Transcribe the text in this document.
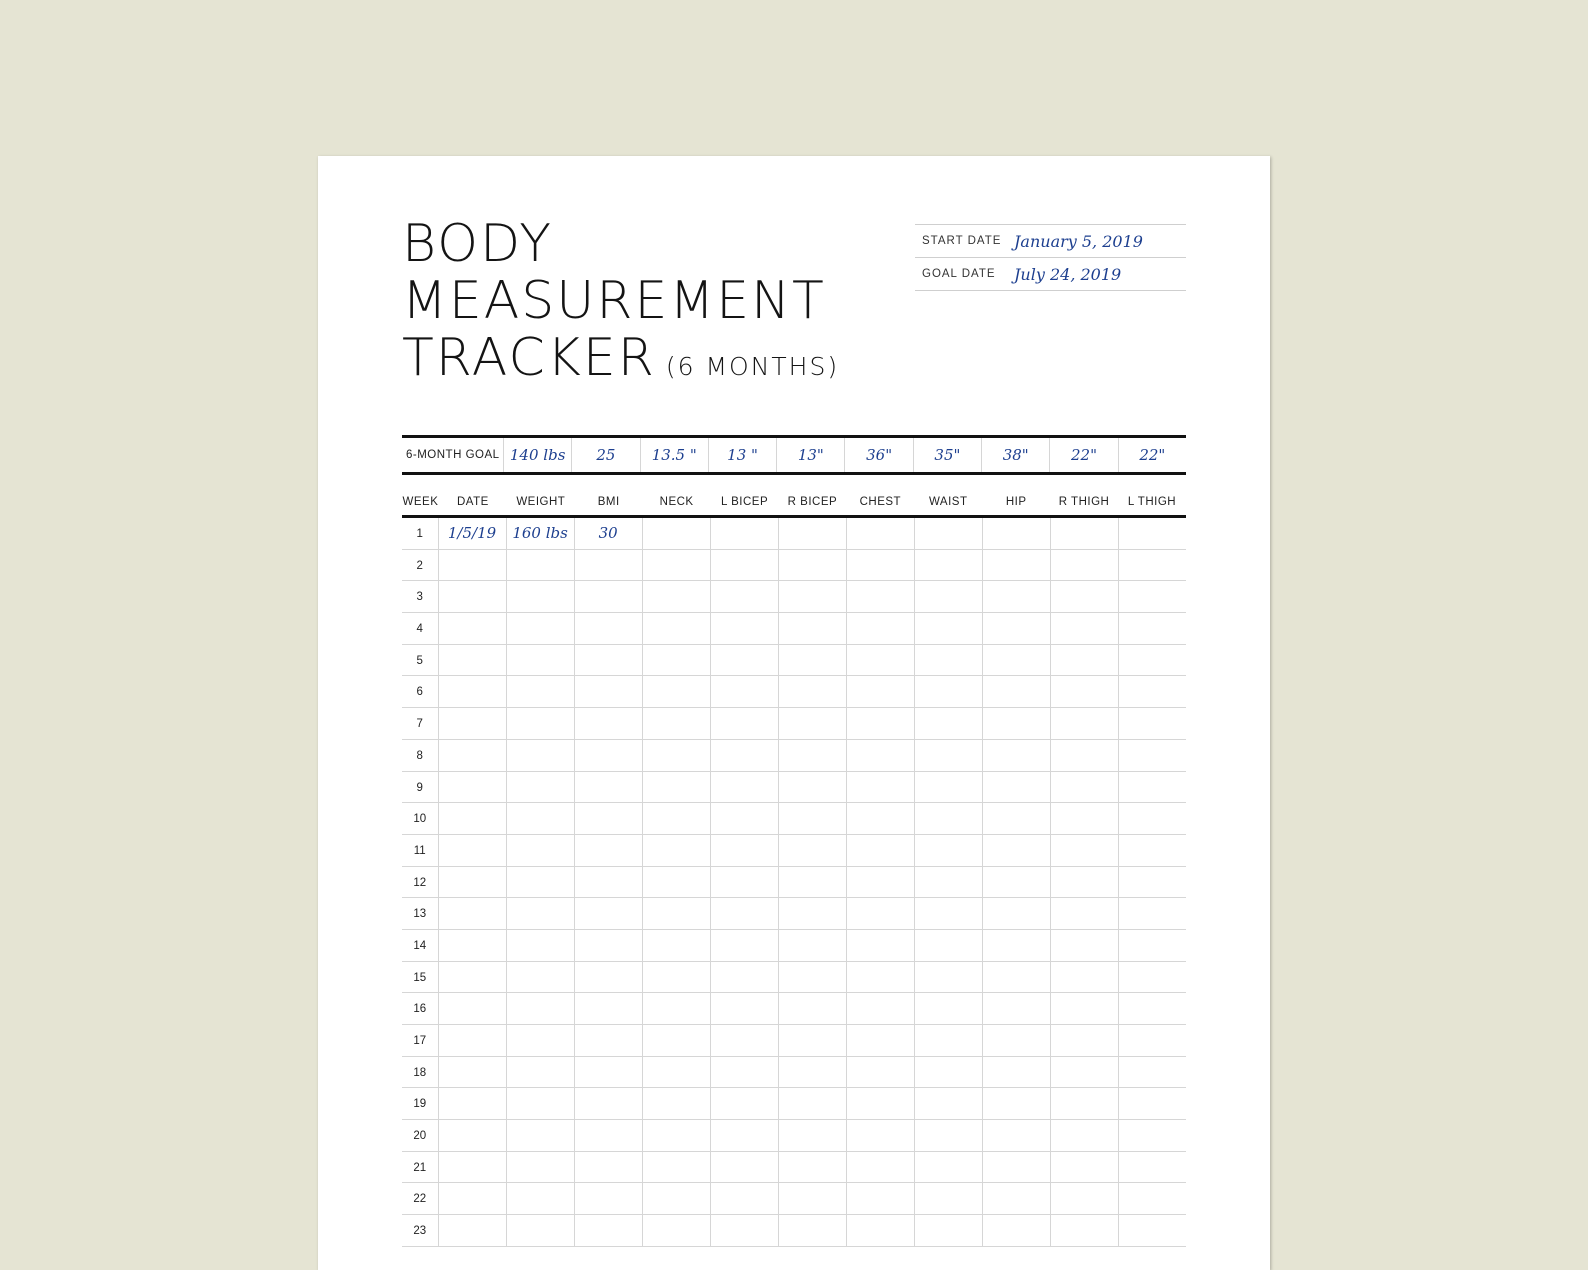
BODY
MEASUREMENT
TRACKER (6 MONTHS)
START DATE January 5, 2019
GOAL DATE	July 24, 2019
6-MONTH GOAL 140 lbs	25	13.5 "	13 "	13"	36"	35"	38"	22"	22"
WEEK	DATE	WEIGHT	BMI	NECK	L BICEP	R BICEP	CHEST	WAIST	HIP	R THIGH	L THIGH
1	1/5/19	160 lbs	30
2
3
4
5
6
7
8
9
10
11
12
13
14
15
16
17
18
19
20
21
22
23
